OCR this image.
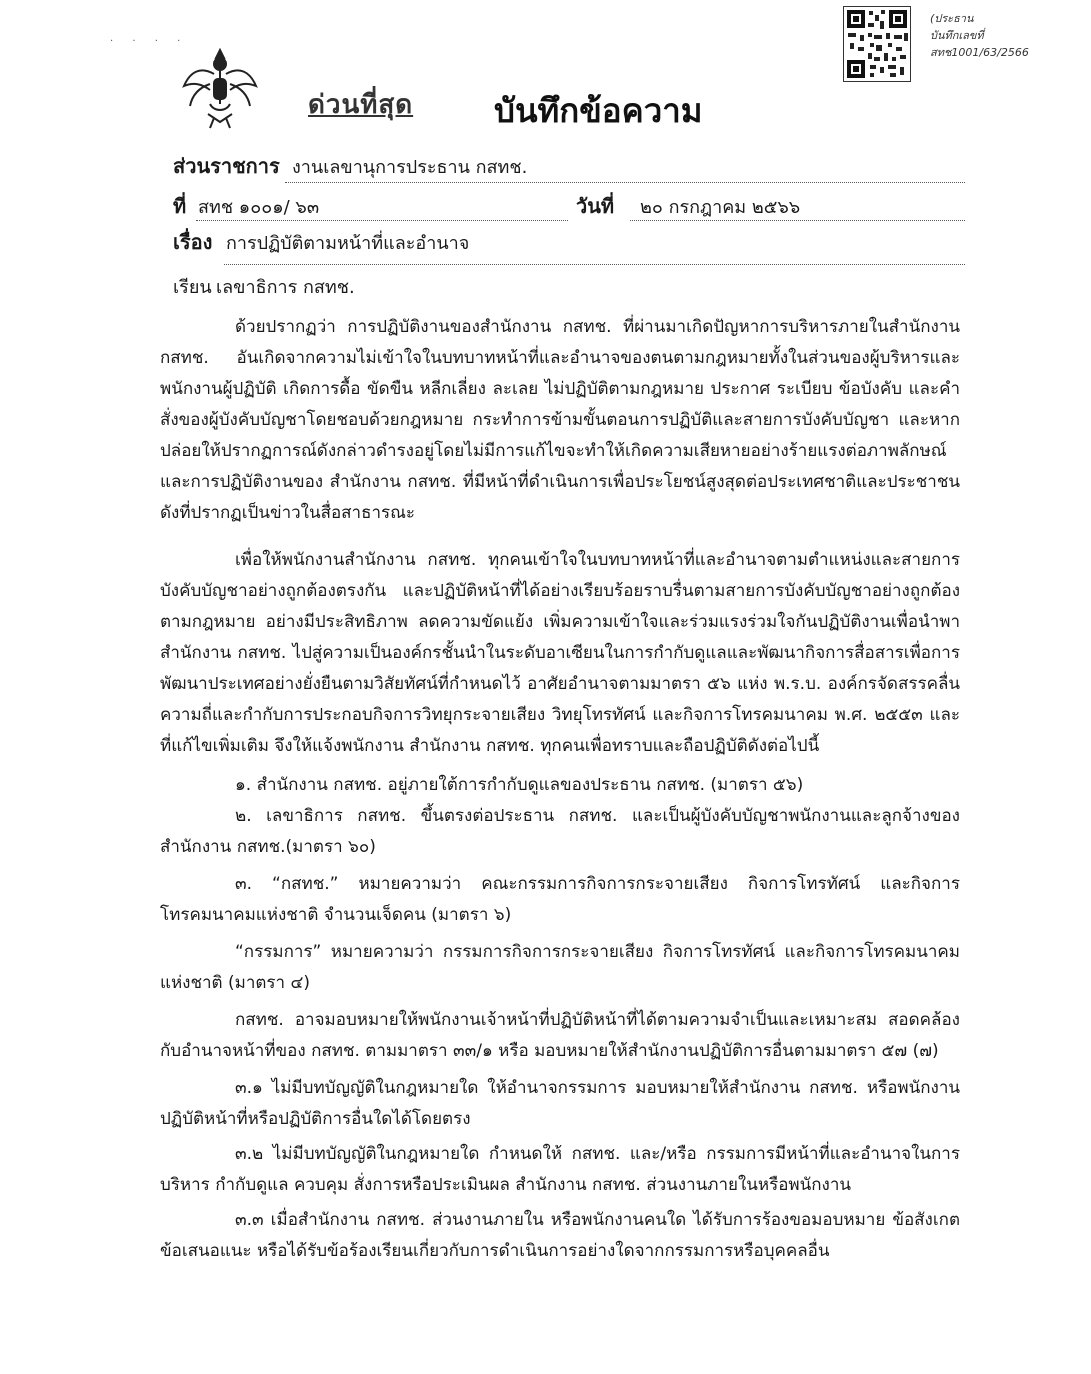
· · · ·
(ประธาน
บันทึกเลขที่
สทช1001/63/2566
ด่วนที่สุด บันทึกข้อความ
ส่วนราชการ งานเลขานุการประธาน กสทช.
ที่ สทช ๑๐๐๑/ ๖๓	วันที่ ๒๐ กรกฎาคม ๒๕๖๖
เรื่อง การปฏิบัติตามหน้าที่และอำนาจ
เรียน เลขาธิการ กสทช.

ด้วยปรากฏว่า การปฏิบัติงานของสำนักงาน กสทช. ที่ผ่านมาเกิดปัญหาการบริหารภายในสำนักงาน กสทช. อันเกิดจากความไม่เข้าใจในบทบาทหน้าที่และอำนาจของตนตามกฎหมายทั้งในส่วนของผู้บริหารและพนักงานผู้ปฏิบัติ เกิดการดื้อ ขัดขืน หลีกเลี่ยง ละเลย ไม่ปฏิบัติตามกฎหมาย ประกาศ ระเบียบ ข้อบังคับ และคำสั่งของผู้บังคับบัญชาโดยชอบด้วยกฎหมาย กระทำการข้ามขั้นตอนการปฏิบัติและสายการบังคับบัญชา และหากปล่อยให้ปรากฏการณ์ดังกล่าวดำรงอยู่โดยไม่มีการแก้ไขจะทำให้เกิดความเสียหายอย่างร้ายแรงต่อภาพลักษณ์และการปฏิบัติงานของ สำนักงาน กสทช. ที่มีหน้าที่ดำเนินการเพื่อประโยชน์สูงสุดต่อประเทศชาติและประชาชน ดังที่ปรากฏเป็นข่าวในสื่อสาธารณะ

เพื่อให้พนักงานสำนักงาน กสทช. ทุกคนเข้าใจในบทบาทหน้าที่และอำนาจตามตำแหน่งและสายการบังคับบัญชาอย่างถูกต้องตรงกัน และปฏิบัติหน้าที่ได้อย่างเรียบร้อยราบรื่นตามสายการบังคับบัญชาอย่างถูกต้องตามกฎหมาย อย่างมีประสิทธิภาพ ลดความขัดแย้ง เพิ่มความเข้าใจและร่วมแรงร่วมใจกันปฏิบัติงานเพื่อนำพาสำนักงาน กสทช. ไปสู่ความเป็นองค์กรชั้นนำในระดับอาเซียนในการกำกับดูแลและพัฒนากิจการสื่อสารเพื่อการพัฒนาประเทศอย่างยั่งยืนตามวิสัยทัศน์ที่กำหนดไว้ อาศัยอำนาจตามมาตรา ๕๖ แห่ง พ.ร.บ. องค์กรจัดสรรคลื่นความถี่และกำกับการประกอบกิจการวิทยุกระจายเสียง วิทยุโทรทัศน์ และกิจการโทรคมนาคม พ.ศ. ๒๕๕๓ และที่แก้ไขเพิ่มเติม จึงให้แจ้งพนักงาน สำนักงาน กสทช. ทุกคนเพื่อทราบและถือปฏิบัติดังต่อไปนี้

๑. สำนักงาน กสทช. อยู่ภายใต้การกำกับดูแลของประธาน กสทช. (มาตรา ๕๖)

๒. เลขาธิการ กสทช. ขึ้นตรงต่อประธาน กสทช. และเป็นผู้บังคับบัญชาพนักงานและลูกจ้างของสำนักงาน กสทช.(มาตรา ๖๐)

๓. “กสทช.” หมายความว่า คณะกรรมการกิจการกระจายเสียง กิจการโทรทัศน์ และกิจการโทรคมนาคมแห่งชาติ จำนวนเจ็ดคน (มาตรา ๖)

“กรรมการ” หมายความว่า กรรมการกิจการกระจายเสียง กิจการโทรทัศน์ และกิจการโทรคมนาคมแห่งชาติ (มาตรา ๔)

กสทช. อาจมอบหมายให้พนักงานเจ้าหน้าที่ปฏิบัติหน้าที่ได้ตามความจำเป็นและเหมาะสม สอดคล้องกับอำนาจหน้าที่ของ กสทช. ตามมาตรา ๓๓/๑ หรือ มอบหมายให้สำนักงานปฏิบัติการอื่นตามมาตรา ๕๗ (๗)

๓.๑ ไม่มีบทบัญญัติในกฎหมายใด ให้อำนาจกรรมการ มอบหมายให้สำนักงาน กสทช. หรือพนักงาน ปฏิบัติหน้าที่หรือปฏิบัติการอื่นใดได้โดยตรง

๓.๒ ไม่มีบทบัญญัติในกฎหมายใด กำหนดให้ กสทช. และ/หรือ กรรมการมีหน้าที่และอำนาจในการบริหาร กำกับดูแล ควบคุม สั่งการหรือประเมินผล สำนักงาน กสทช. ส่วนงานภายในหรือพนักงาน

๓.๓ เมื่อสำนักงาน กสทช. ส่วนงานภายใน หรือพนักงานคนใด ได้รับการร้องขอมอบหมาย ข้อสังเกต ข้อเสนอแนะ หรือได้รับข้อร้องเรียนเกี่ยวกับการดำเนินการอย่างใดจากกรรมการหรือบุคคลอื่น
